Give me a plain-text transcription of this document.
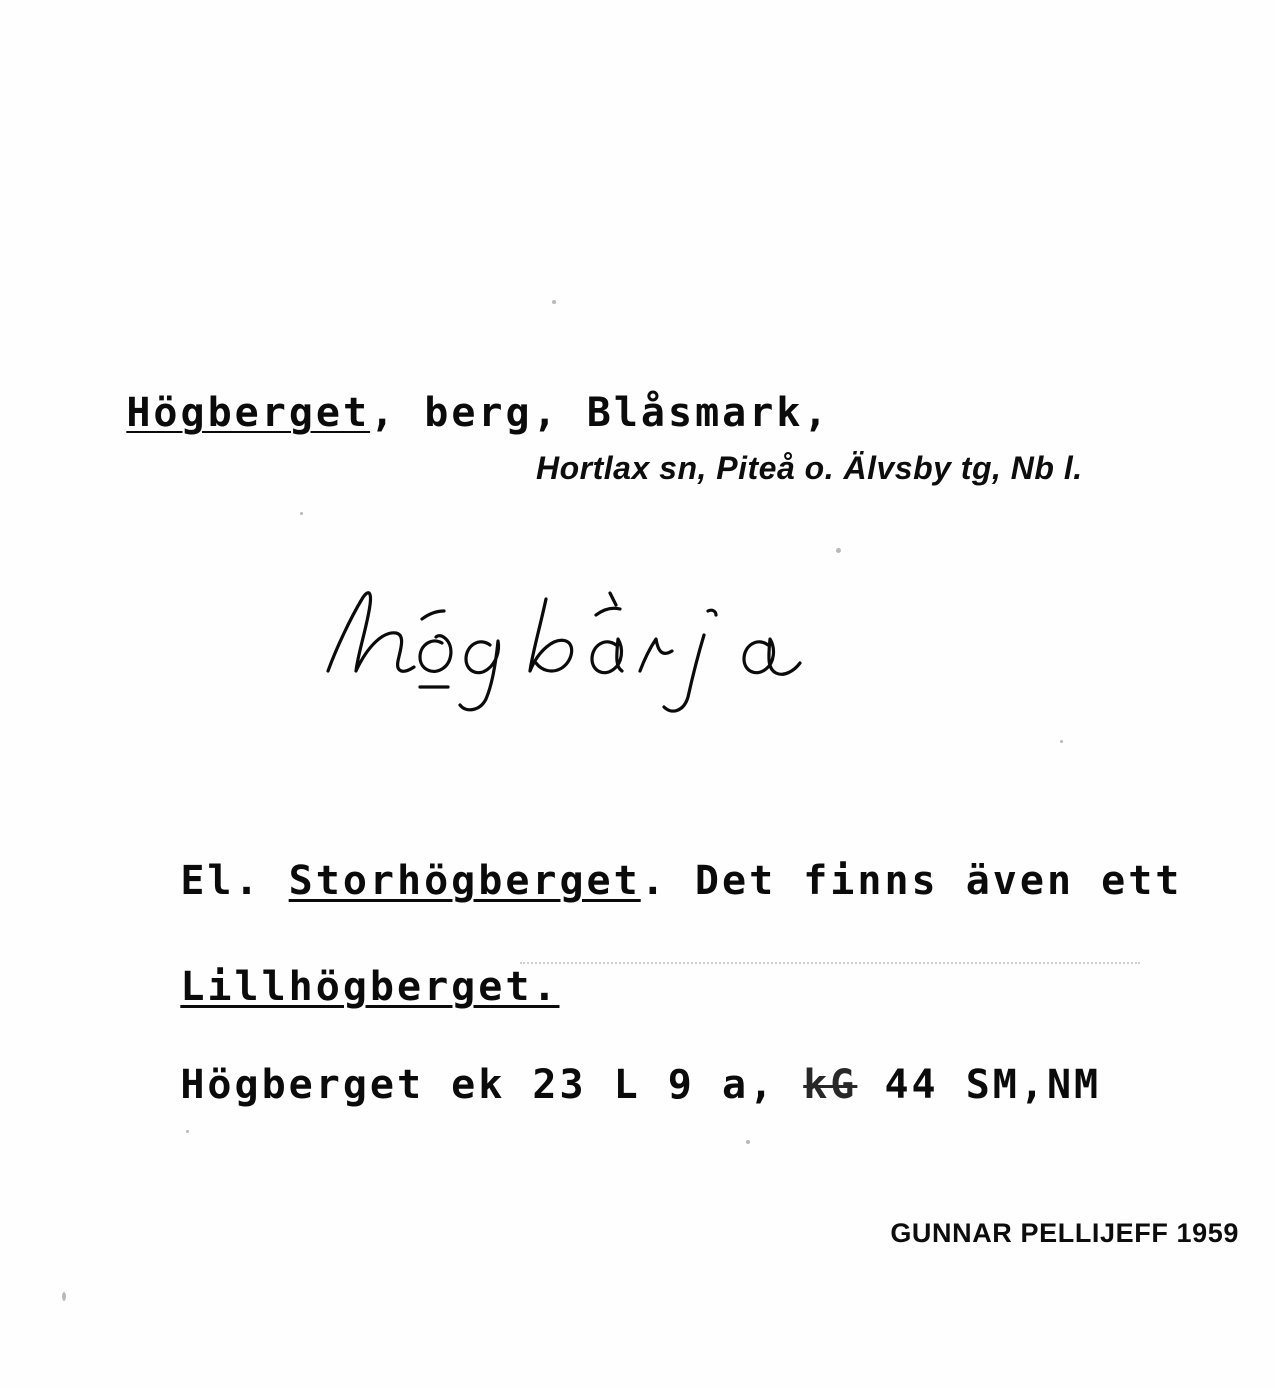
Högberget, berg, Blåsmark,

Hortlax sn, Piteå o. Älvsby tg, Nb l.

El. Storhögberget. Det finns även ett

Lillhögberget.

Högberget ek 23 L 9 a, kG 44 SM,NM

GUNNAR PELLIJEFF 1959
